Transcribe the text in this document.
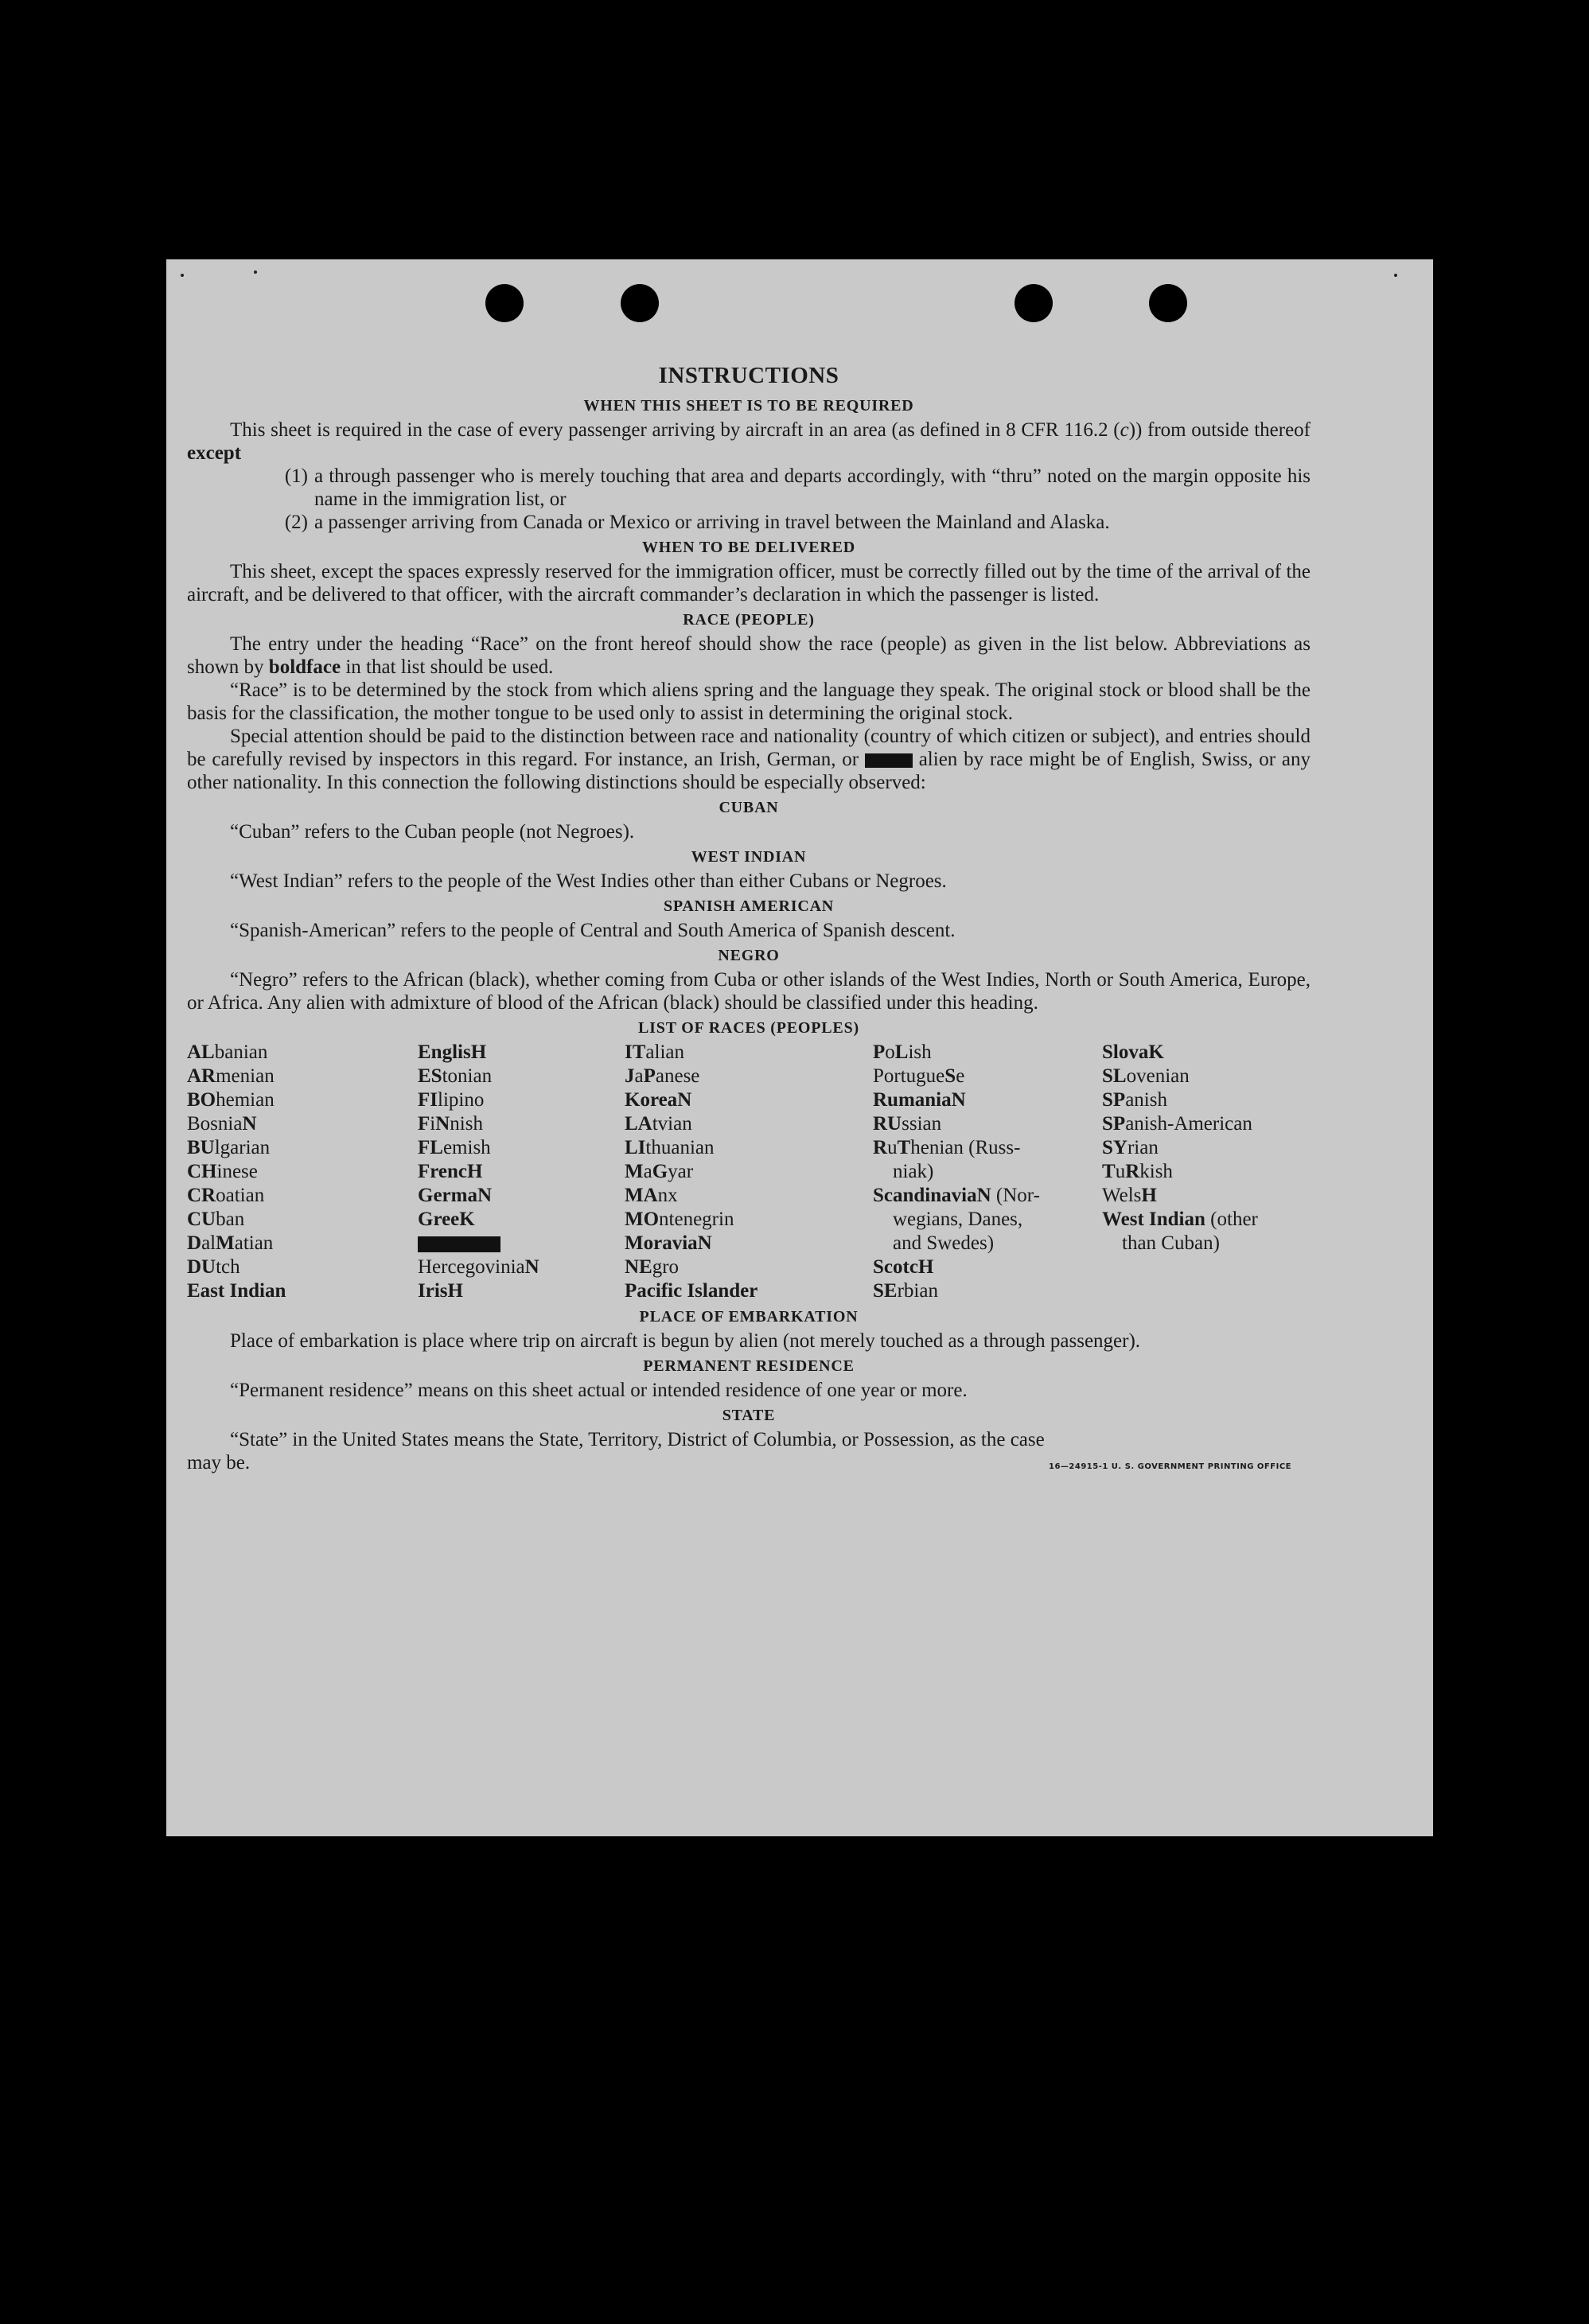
INSTRUCTIONS
WHEN THIS SHEET IS TO BE REQUIRED

This sheet is required in the case of every passenger arriving by aircraft in an area (as defined in 8 CFR 116.2 (c)) from outside thereof except

(1) a through passenger who is merely touching that area and departs accordingly, with “thru” noted on the margin opposite his name in the immigration list, or
(2) a passenger arriving from Canada or Mexico or arriving in travel between the Mainland and Alaska.
WHEN TO BE DELIVERED

This sheet, except the spaces expressly reserved for the immigration officer, must be correctly filled out by the time of the arrival of the aircraft, and be delivered to that officer, with the aircraft commander’s declaration in which the passenger is listed.

RACE (PEOPLE)

The entry under the heading “Race” on the front hereof should show the race (people) as given in the list below. Abbreviations as shown by boldface in that list should be used.

“Race” is to be determined by the stock from which aliens spring and the language they speak. The original stock or blood shall be the basis for the classification, the mother tongue to be used only to assist in determining the original stock.

Special attention should be paid to the distinction between race and nationality (country of which citizen or subject), and entries should be carefully revised by inspectors in this regard. For instance, an Irish, German, or  alien by race might be of English, Swiss, or any other nationality. In this connection the following distinctions should be especially observed:

CUBAN

“Cuban” refers to the Cuban people (not Negroes).

WEST INDIAN

“West Indian” refers to the people of the West Indies other than either Cubans or Negroes.

SPANISH AMERICAN

“Spanish-American” refers to the people of Central and South America of Spanish descent.

NEGRO

“Negro” refers to the African (black), whether coming from Cuba or other islands of the West Indies, North or South America, Europe, or Africa. Any alien with admixture of blood of the African (black) should be classified under this heading.

LIST OF RACES (PEOPLES)
ALbanian
ARmenian
BOhemian
BosniaN
BUlgarian
CHinese
CRoatian
CUban
DalMatian
DUtch
East Indian
EnglisH
EStonian
FIlipino
FiNnish
FLemish
FrencH
GermaN
GreeK
HercegoviniaN
IrisH
ITalian
JaPanese
KoreaN
LAtvian
LIthuanian
MaGyar
MAnx
MOntenegrin
MoraviaN
NEgro
Pacific Islander
PoLish
PortugueSe
RumaniaN
RUssian
RuThenian (Russ-
niak)
ScandinaviaN (Nor-
wegians, Danes,
and Swedes)
ScotcH
SErbian
SlovaK
SLovenian
SPanish
SPanish-American
SYrian
TuRkish
WelsH
West Indian (other
than Cuban)
PLACE OF EMBARKATION

Place of embarkation is place where trip on aircraft is begun by alien (not merely touched as a through passenger).

PERMANENT RESIDENCE

“Permanent residence” means on this sheet actual or intended residence of one year or more.

STATE

“State” in the United States means the State, Territory, District of Columbia, or Possession, as the case

may be.	16—24915-1 U. S. GOVERNMENT PRINTING OFFICE
